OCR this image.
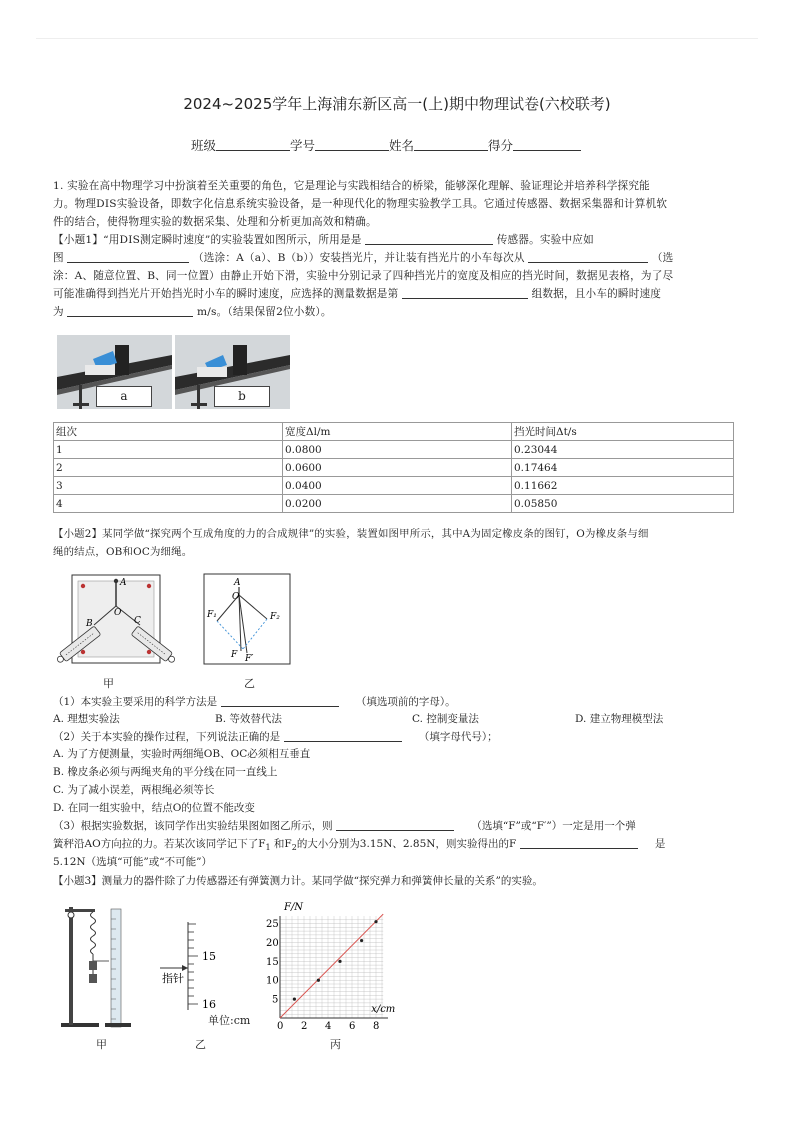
2024~2025学年上海浦东新区高一(上)期中物理试卷(六校联考)
班级	学号	姓名	得分
1. 实验在高中物理学习中扮演着至关重要的角色，它是理论与实践相结合的桥梁，能够深化理解、验证理论并培养科学探究能
力。物理DIS实验设备，即数字化信息系统实验设备，是一种现代化的物理实验教学工具。它通过传感器、数据采集器和计算机软
件的结合，使得物理实验的数据采集、处理和分析更加高效和精确。
【小题1】“用DIS测定瞬时速度”的实验装置如图所示，所用是是	传感器。实验中应如
图	（选涂：A（a）、B（b））安装挡光片，并让装有挡光片的小车每次从	（选
涂：A、随意位置、B、同一位置）由静止开始下滑，实验中分别记录了四种挡光片的宽度及相应的挡光时间，数据见表格，为了尽
可能准确得到挡光片开始挡光时小车的瞬时速度，应选择的测量数据是第	组数据，且小车的瞬时速度
为	m/s。（结果保留2位小数）。
a	b
组次	宽度Δl/m	挡光时间Δt/s
1	0.0800	0.23044
2	0.0600	0.17464
3	0.0400	0.11662
4	0.0200	0.05850
【小题2】某同学做“探究两个互成角度的力的合成规律”的实验，装置如图甲所示，其中A为固定橡皮条的图钉，O为橡皮条与细
绳的结点，OB和OC为细绳。
A
O
B	C
甲
A
O
F₁	F₂
F F′
乙
（1）本实验主要采用的科学方法是	（填选项前的字母）。
A. 理想实验法	B. 等效替代法	C. 控制变量法	D. 建立物理模型法
（2）关于本实验的操作过程，下列说法正确的是	（填字母代号）；
A. 为了方便测量，实验时两细绳OB、OC必须相互垂直
B. 橡皮条必须与两绳夹角的平分线在同一直线上
C. 为了减小误差，两根绳必须等长
D. 在同一组实验中，结点O的位置不能改变
（3）根据实验数据，该同学作出实验结果图如图乙所示，则	（选填“F”或“F′”）一定是用一个弹
簧秤沿AO方向拉的力。若某次该同学记下了$F_1$ 和$F_2$的大小分别为3.15N、2.85N，则实验得出的F	是
5.12N（选填“可能”或“不可能”）
【小题3】测量力的器件除了力传感器还有弹簧测力计。某同学做“探究弹力和弹簧伸长量的关系”的实验。
甲
15
16
指针
单位:cm
乙
0 2 4 6 8
5
10
15
20
25
F/N
x/cm
丙
